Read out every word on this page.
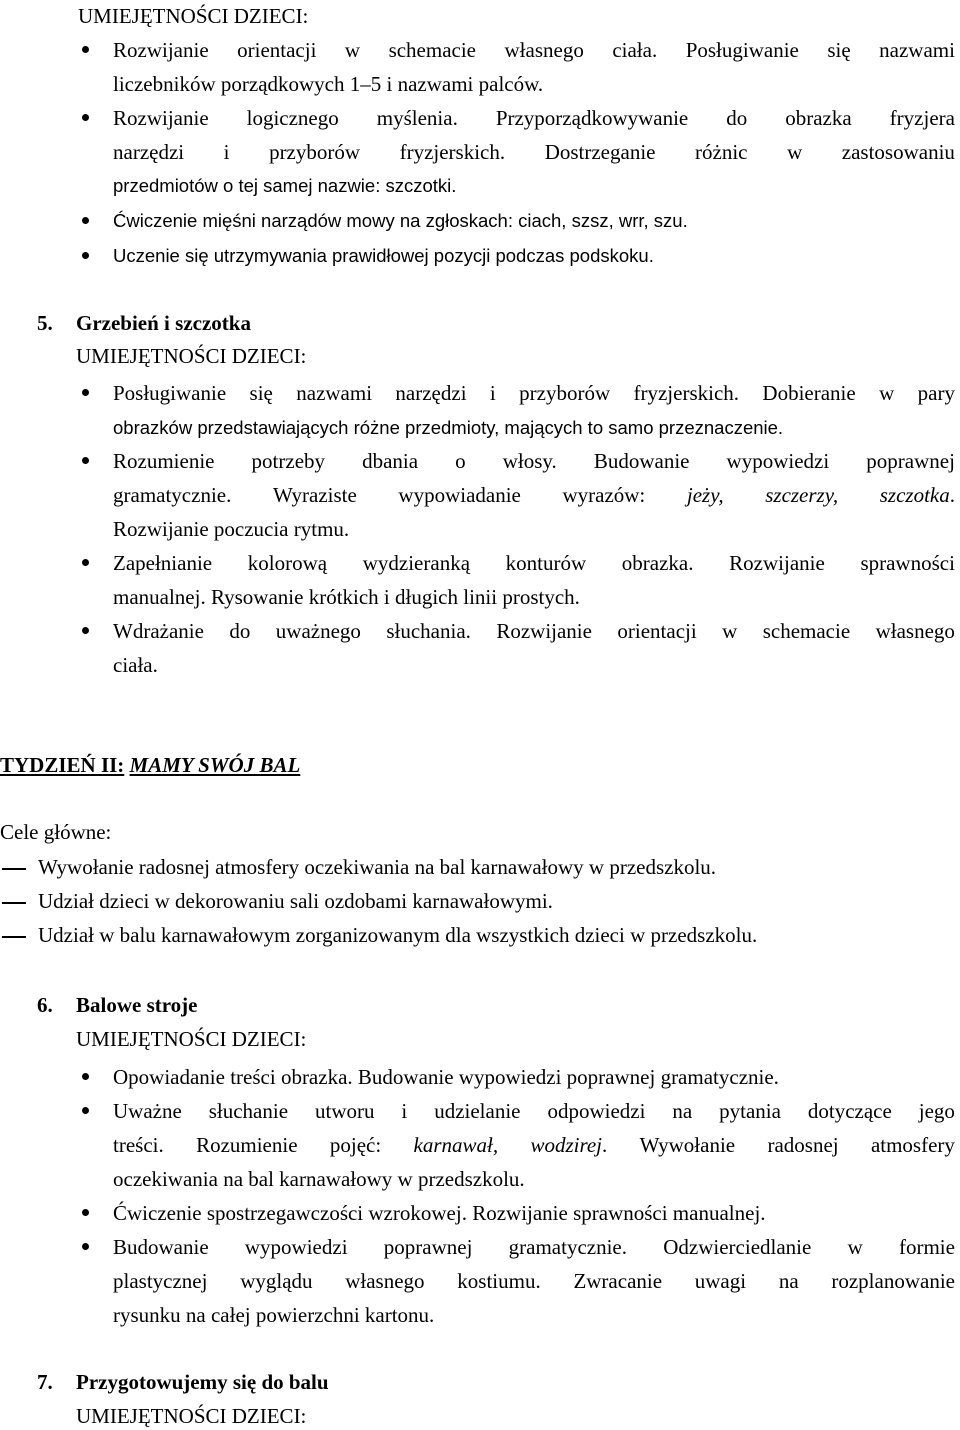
UMIEJĘTNOŚCI DZIECI:
Rozwijanie orientacji w schemacie własnego ciała. Posługiwanie się nazwami
liczebników porządkowych 1–5 i nazwami palców.
Rozwijanie logicznego myślenia. Przyporządkowywanie do obrazka fryzjera
narzędzi i przyborów fryzjerskich. Dostrzeganie różnic w zastosowaniu
przedmiotów o tej samej nazwie: szczotki.
Ćwiczenie mięśni narządów mowy na zgłoskach: ciach, szsz, wrr, szu.
Uczenie się utrzymywania prawidłowej pozycji podczas podskoku.
5. Grzebień i szczotka
UMIEJĘTNOŚCI DZIECI:
Posługiwanie się nazwami narzędzi i przyborów fryzjerskich. Dobieranie w pary
obrazków przedstawiających różne przedmioty, mających to samo przeznaczenie.
Rozumienie potrzeby dbania o włosy. Budowanie wypowiedzi poprawnej
gramatycznie. Wyraziste wypowiadanie wyrazów: jeży, szczerzy, szczotka.
Rozwijanie poczucia rytmu.
Zapełnianie kolorową wydzieranką konturów obrazka. Rozwijanie sprawności
manualnej. Rysowanie krótkich i długich linii prostych.
Wdrażanie do uważnego słuchania. Rozwijanie orientacji w schemacie własnego
ciała.
TYDZIEŃ II: MAMY SWÓJ BAL
Cele główne:
Wywołanie radosnej atmosfery oczekiwania na bal karnawałowy w przedszkolu.
Udział dzieci w dekorowaniu sali ozdobami karnawałowymi.
Udział w balu karnawałowym zorganizowanym dla wszystkich dzieci w przedszkolu.
6. Balowe stroje
UMIEJĘTNOŚCI DZIECI:
Opowiadanie treści obrazka. Budowanie wypowiedzi poprawnej gramatycznie.
Uważne słuchanie utworu i udzielanie odpowiedzi na pytania dotyczące jego
treści. Rozumienie pojęć: karnawał, wodzirej. Wywołanie radosnej atmosfery
oczekiwania na bal karnawałowy w przedszkolu.
Ćwiczenie spostrzegawczości wzrokowej. Rozwijanie sprawności manualnej.
Budowanie wypowiedzi poprawnej gramatycznie. Odzwierciedlanie w formie
plastycznej wyglądu własnego kostiumu. Zwracanie uwagi na rozplanowanie
rysunku na całej powierzchni kartonu.
7. Przygotowujemy się do balu
UMIEJĘTNOŚCI DZIECI:
